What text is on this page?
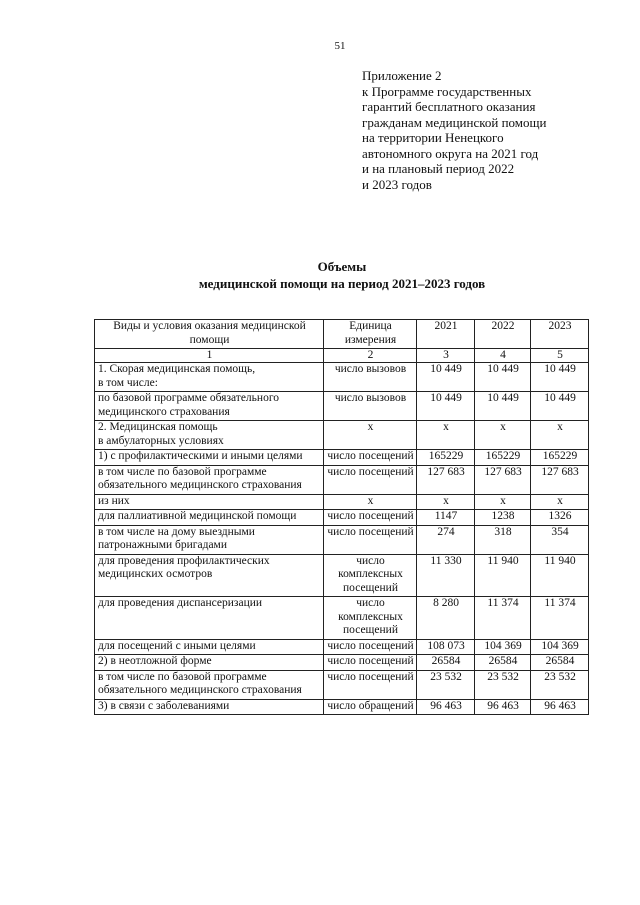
51
Приложение 2
к Программе государственных
гарантий бесплатного оказания
гражданам медицинской помощи
на территории Ненецкого
автономного округа на 2021 год
и на плановый период 2022
и 2023 годов
Объемы
медицинской помощи на период 2021–2023 годов
Виды и условия оказания медицинской помощи	Единица измерения	2021	2022	2023
1	2	3	4	5
1. Скорая медицинская помощь,
в том числе:	число вызовов	10 449	10 449	10 449
по базовой программе обязательного медицинского страхования	число вызовов	10 449	10 449	10 449
2. Медицинская помощь
в амбулаторных условиях	x	x	x	x
1) с профилактическими и иными целями	число посещений	165229	165229	165229
в том числе по базовой программе обязательного медицинского страхования	число посещений	127 683	127 683	127 683
из них	x	x	x	x
для паллиативной медицинской помощи	число посещений	1147	1238	1326
в том числе на дому выездными патронажными бригадами	число посещений	274	318	354
для проведения профилактических медицинских осмотров	число комплексных посещений	11 330	11 940	11 940
для проведения диспансеризации	число комплексных посещений	8 280	11 374	11 374
для посещений с иными целями	число посещений	108 073	104 369	104 369
2) в неотложной форме	число посещений	26584	26584	26584
в том числе по базовой программе обязательного медицинского страхования	число посещений	23 532	23 532	23 532
3) в связи с заболеваниями	число обращений	96 463	96 463	96 463
